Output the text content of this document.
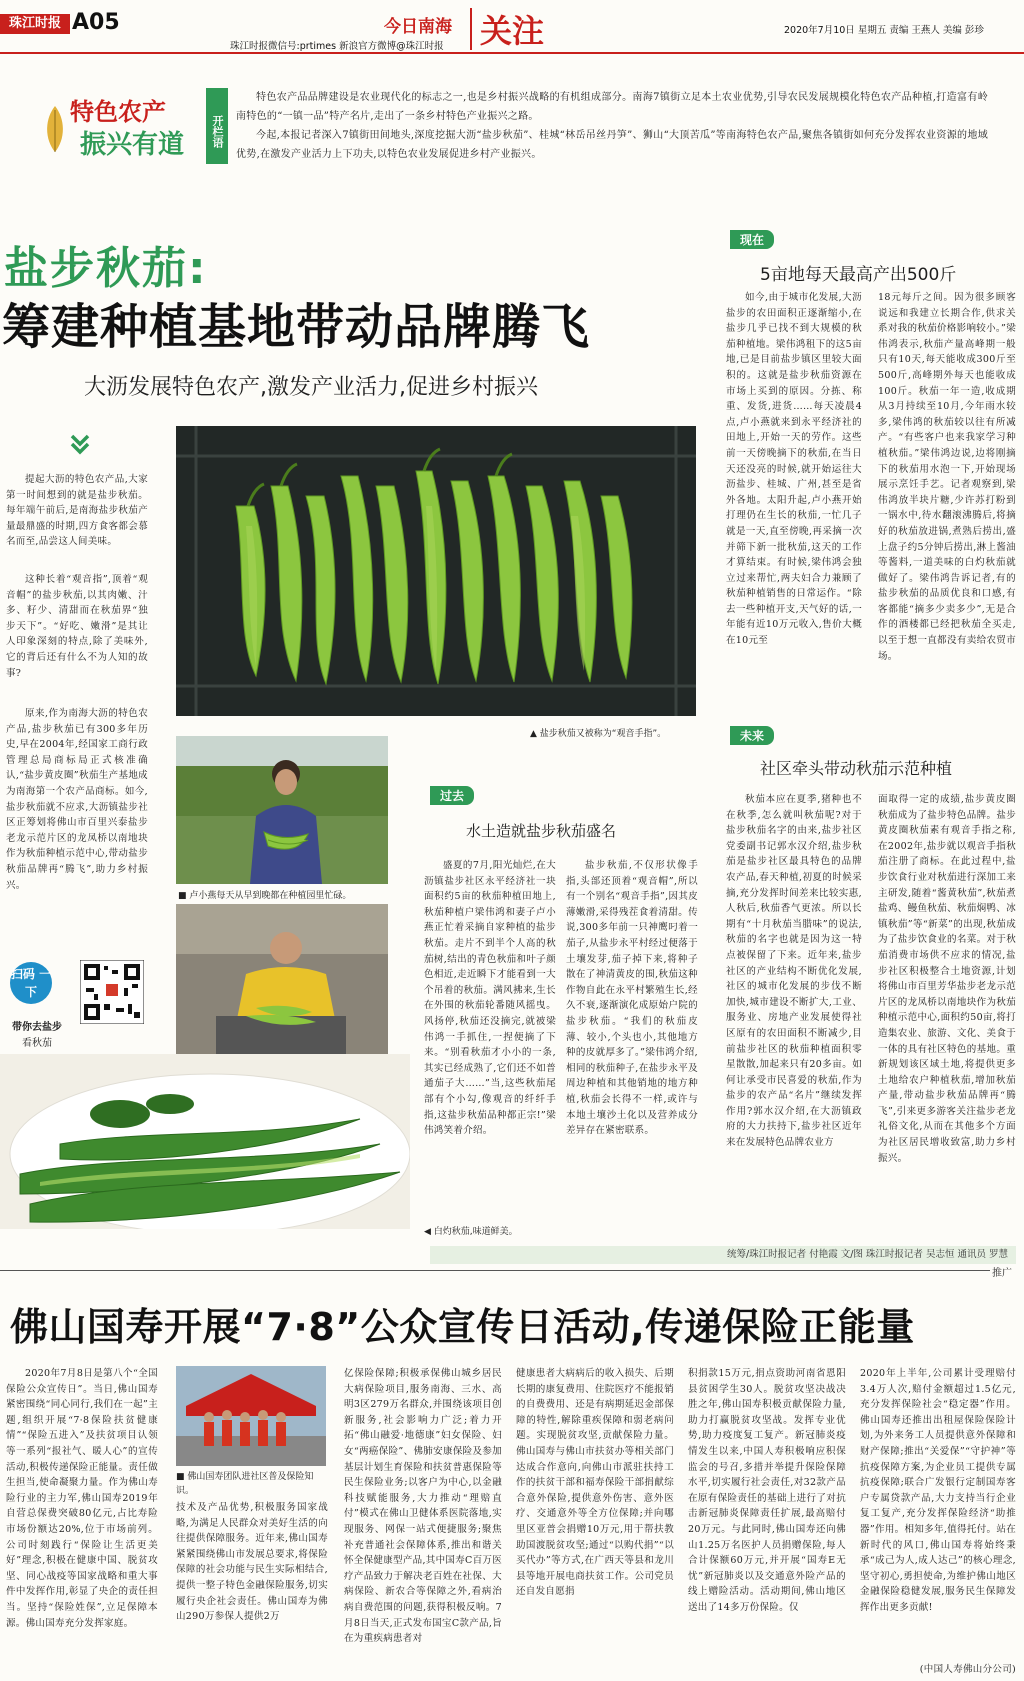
珠江时报 A05
珠江时报微信号:prtimes 新浪官方微博@珠江时报
今日南海 关注	2020年7月10日 星期五 责编 王燕人 美编 彭珍
特色农产
振兴有道	开栏语
特色农产品品牌建设是农业现代化的标志之一,也是乡村振兴战略的有机组成部分。南海7镇街立足本土农业优势,引导农民发展规模化特色农产品种植,打造富有岭南特色的“一镇一品”特产名片,走出了一条乡村特色产业振兴之路。
今起,本报记者深入7镇街田间地头,深度挖掘大沥“盐步秋茄”、桂城“林岳吊丝丹笋”、狮山“大顶苦瓜”等南海特色农产品,聚焦各镇街如何充分发挥农业资源的地域优势,在激发产业活力上下功夫,以特色农业发展促进乡村产业振兴。
盐步秋茄:
筹建种植基地带动品牌腾飞
大沥发展特色农产,激发产业活力,促进乡村振兴
提起大沥的特色农产品,大家第一时间想到的就是盐步秋茄。每年端午前后,是南海盐步秋茄产量最鼎盛的时期,四方食客都会慕名而至,品尝这人间美味。
这种长着“观音指”,顶着“观音帽”的盐步秋茄,以其肉嫩、汁多、籽少、清甜而在秋茄界“独步天下”。“好吃、嫩滑”是其让人印象深刻的特点,除了美味外,它的背后还有什么不为人知的故事?
原来,作为南海大沥的特色农产品,盐步秋茄已有300多年历史,早在2004年,经国家工商行政管理总局商标局正式核准确认,“盐步黄皮圈”秋茄生产基地成为南海第一个农产品商标。如今,盐步秋茄就不应求,大沥镇盐步社区正筹划将佛山市百里兴泰盐步老龙示范片区的龙凤桥以南地块作为秋茄种植示范中心,带动盐步秋茄品牌再“腾飞”,助力乡村振兴。
扫码 一下
带你去盐步
看秋茄
▲ 盐步秋茄又被称为“观音手指”。
■ 卢小燕每天从早到晚都在种植园里忙碌。
◀ 白灼秋茄,味道鲜美。
过去
水土造就盐步秋茄盛名
盛夏的7月,阳光灿烂,在大沥镇盐步社区永平经济社一块面积约5亩的秋茄种植田地上,秋茄种植户梁伟鸿和妻子卢小燕正忙着采摘自家种植的盐步秋茄。走片不到半个人高的秋茄树,结出的青色秋茄和叶子颜色相近,走近瞬下才能看到一大个吊着的秋茄。满风拂来,生长在外围的秋茄轮番随风摇曳。风扬停,秋茄还没摘完,就被梁伟鸿一手抓住,一捏便摘了下来。“别看秋茄才小小的一条,其实已经成熟了,它们还不如普通茄子大……”当,这些秋茄尾部有个小勾,像观音的纤纤手指,这盐步秋茄品种都正宗!”梁伟鸿笑着介绍。
盐步秋茄,不仅形状像手指,头部还顶着“观音帽”,所以有一个别名“观音手指”,因其皮薄嫩滑,采得残茬食着清甜。传说,300多年前一只神鹰叼着一茄子,从盐步永平村经过便落于土壤发芽,茄子掉下来,将种子散在了神清黄皮的围,秋茄这种作物自此在永平村繁殖生长,经久不衰,逐渐演化成原始户院的盐步秋茄。“我们的秋茄皮薄、较小,个头也小,其他地方种的皮就厚多了。”梁伟鸿介绍,相同的秋茄种子,在盐步永平及周边种植和其他销地的地方种植,秋茄会长得不一样,或许与本地土壤沙土化以及营养成分差异存在紧密联系。
现在
5亩地每天最高产出500斤
如今,由于城市化发展,大沥盐步的农田面积正逐渐缩小,在盐步几乎已找不到大规模的秋茄种植地。梁伟鸿租下的这5亩地,已是目前盐步镇区里较大面积的。这就是盐步秋茄资源在市场上买到的原因。分拣、称重、发货,进货……每天凌晨4点,卢小燕就来到永平经济社的田地上,开始一天的劳作。这些前一天傍晚摘下的秋茄,在当日天还没亮的时候,就开始运往大沥盐步、桂城、广州,甚至是省外各地。太阳升起,卢小燕开始打理仍在生长的秋茄,一忙几子就是一天,直至傍晚,再采摘一次并筛下新一批秋茄,这天的工作才算结束。有时候,梁伟鸿会独立过来帮忙,两夫妇合力兼顾了秋茄种植销售的日常运作。“除去一些种植开支,天气好的话,一年能有近10万元收入,售价大概在10元至
18元每斤之间。因为很多顾客说远和我建立长期合作,供求关系对我的秋茄价格影响较小。”梁伟鸿表示,秋茄产量高峰期一般只有10天,每天能收成300斤至500斤,高峰期外每天也能收成100斤。秋茄一年一造,收成期从3月持续至10月,今年雨水较多,梁伟鸿的秋茄较以往有所减产。“有些客户也来我家学习种植秋茄。”梁伟鸿边说,边将刚摘下的秋茄用水泡一下,开始现场展示烹饪手艺。记者观察到,梁伟鸿放半块片糖,少许苏打粉到一锅水中,待水翻滚沸腾后,将摘好的秋茄放进锅,煮熟后捞出,盛上盘子约5分钟后捞出,淋上酱油等酱料,一道美味的白灼秋茄就做好了。梁伟鸿告诉记者,有的盐步秋茄的品质优良和口感,有客都能“摘多少卖多少”,无是合作的酒楼都已经把秋茄全买走,以至于想一直都没有卖给农贸市场。
未来
社区牵头带动秋茄示范种植
秋茄本应在夏季,猪种也不在秋季,怎么就叫秋茄呢?对于盐步秋茄名字的由来,盐步社区党委副书记郭水汉介绍,盐步秋茄是盐步社区最具特色的品牌农产品,春天种植,初夏的时候采摘,充分发挥时间差来比较实惠,人秋后,秋茄香气更浓。所以长期有“十月秋茄当腊味”的说法,秋茄的名字也就是因为这一特点被保留了下来。近年来,盐步社区的产业结构不断优化发展,社区的城市化发展的步伐不断加快,城市建设不断扩大,工业、服务业、房地产业发展使得社区原有的农田面积不断减少,目前盐步社区的秋茄种植面积零星散散,加起来只有20多亩。如何让承受市民喜爱的秋茄,作为盐步的农产品“名片”继续发挥作用?郭水汉介绍,在大沥镇政府的大力扶持下,盐步社区近年来在发展特色品牌农业方
面取得一定的成绩,盐步黄皮圈秋茄成为了盐步特色品牌。盐步黄皮圈秋茄素有观音手指之称,在2002年,盐步就以观音手指秋茄注册了商标。在此过程中,盐步饮食行业对秋茄进行深加工来主研发,随着“酱黄秋茄”,秋茄煮盐鸡、鳗鱼秋茄、秋茄焖鸭、冰镇秋茄”等“新菜”的出现,秋茄成为了盐步饮食业的名菜。对于秋茄消费市场供不应求的情况,盐步社区积极整合土地资源,计划将佛山市百里芳华盐步老龙示范片区的龙凤桥以南地块作为秋茄种植示范中心,面积约50亩,将打造集农业、旅游、文化、美食于一体的具有社区特色的基地。重新规划该区域土地,将提供更多土地给农户种植秋茄,增加秋茄产量,带动盐步秋茄品牌再“腾飞”,引来更多游客关注盐步老龙礼俗文化,从而在其他多个方面为社区居民增收致富,助力乡村振兴。
统筹/珠江时报记者 付艳霞 文/图 珠江时报记者 吴志恒 通讯员 罗慧
推广
佛山国寿开展“7·8”公众宣传日活动,传递保险正能量
2020年7月8日是第八个“全国保险公众宣传日”。当日,佛山国寿紧密围绕“同心同行,我们在一起”主题,组织开展“7·8保险扶贫健康情”“保险五进入”及扶贫项目认领等一系列“报社气、暖人心”的宣传活动,积极传递保险正能量。责任做生担当,使命凝聚力量。作为佛山寿险行业的主力军,佛山国寿2019年自营总保费突破80亿元,占比寿险市场份额达20%,位于市场前列。公司时刻践行“保险让生活更美好”理念,积极在健康中国、脱贫攻坚、同心战疫等国家战略和重大事件中发挥作用,彰显了央企的责任担当。坚持“保险姓保”,立足保障本源。佛山国寿充分发挥家庭。
■ 佛山国寿团队进社区普及保险知识。
技术及产品优势,积极服务国家战略,为满足人民群众对美好生活的向往提供保障服务。近年来,佛山国寿紧紧围绕佛山市发展总要求,将保险保障的社会功能与民生实际相结合,提供一整子特色金融保险服务,切实履行央企社会责任。佛山国寿为佛山290万参保人提供2万
亿保险保障;积极承保佛山城乡居民大病保险项目,服务南海、三水、高明3区279万名群众,并围绕该项目创新服务,社会影响力广泛;着力开拓“佛山融爱·地德康”妇女保险、妇女“两癌保险”、佛肺安康保险及参加基层计划生育保险和扶贫普惠保险等民生保险业务;以客户为中心,以金融科技赋能服务,大力推动“理赔直付”模式在佛山卫健体系医院落地,实现服务、网保一站式便捷服务;聚焦补充普通社会保障体系,推出和谐关怀全保健康型产品,其中国寿C百万医疗产品致力于解决老百姓在社保、大病保险、新农合等保障之外,看病治病自费范围的问题,获得积极反响。7月8日当天,正式发布国宝C款产品,旨在为重疾病患者对
健康患者大病病后的收入损失、后期长期的康复费用、住院医疗不能报销的自费费用、还是有病期延迟金部保障的特性,解除重疾保障和弱老病问题。实现脱贫攻坚,贡献保险力量。佛山国寿与佛山市扶贫办等相关部门达成合作意向,向佛山市派驻扶持工作的扶贫干部和福寿保险干部捐献综合意外保险,提供意外伤害、意外医疗、交通意外等全方位保障;并向哪里区亚普会捐赠10万元,用于帮扶教助国渡脱贫攻坚;通过“以购代捐”“以买代办”等方式,在广西天等县和龙川县等地开展电商扶贫工作。公司党员还自发自愿捐
积捐款15万元,捐点资助河南省恩阳县贫困学生30人。脱贫攻坚决战决胜之年,佛山国寿积极贡献保险力量,助力打赢脱贫攻坚战。发挥专业优势,助力疫度复工复产。新冠肺炎疫情发生以来,中国人寿积极响应积保监会的号召,多措并举提升保险保障水平,切实履行社会责任,对32款产品在原有保险责任的基础上进行了对抗击新冠肺炎保障责任扩展,最高赔付20万元。与此同时,佛山国寿还向佛山1.25万名医护人员捐赠保险,每人合计保额60万元,并开展“国寿E无忧”新冠肺炎以及交通意外险产品的线上赠险活动。活动期间,佛山地区送出了14多万份保险。仅
2020年上半年,公司累计受理赔付3.4万人次,赔付金额超过1.5亿元,充分发挥保险社会“稳定器”作用。佛山国寿还推出出租屋保险保险计划,为外来务工人员提供意外保障和财产保障;推出“关爱保”“守护神”等抗疫保障方案,为企业员工提供专属抗疫保障;联合广发银行定制国寿客户专属贷款产品,大力支持当行企业复工复产,充分发挥保险经济“助推器”作用。相知多年,值得托付。站在新时代的风口,佛山国寿将始终秉承“成己为人,成人达己”的核心理念,坚守初心,勇担使命,为维护佛山地区金融保险稳健发展,服务民生保障发挥作出更多贡献!
(中国人寿佛山分公司)
